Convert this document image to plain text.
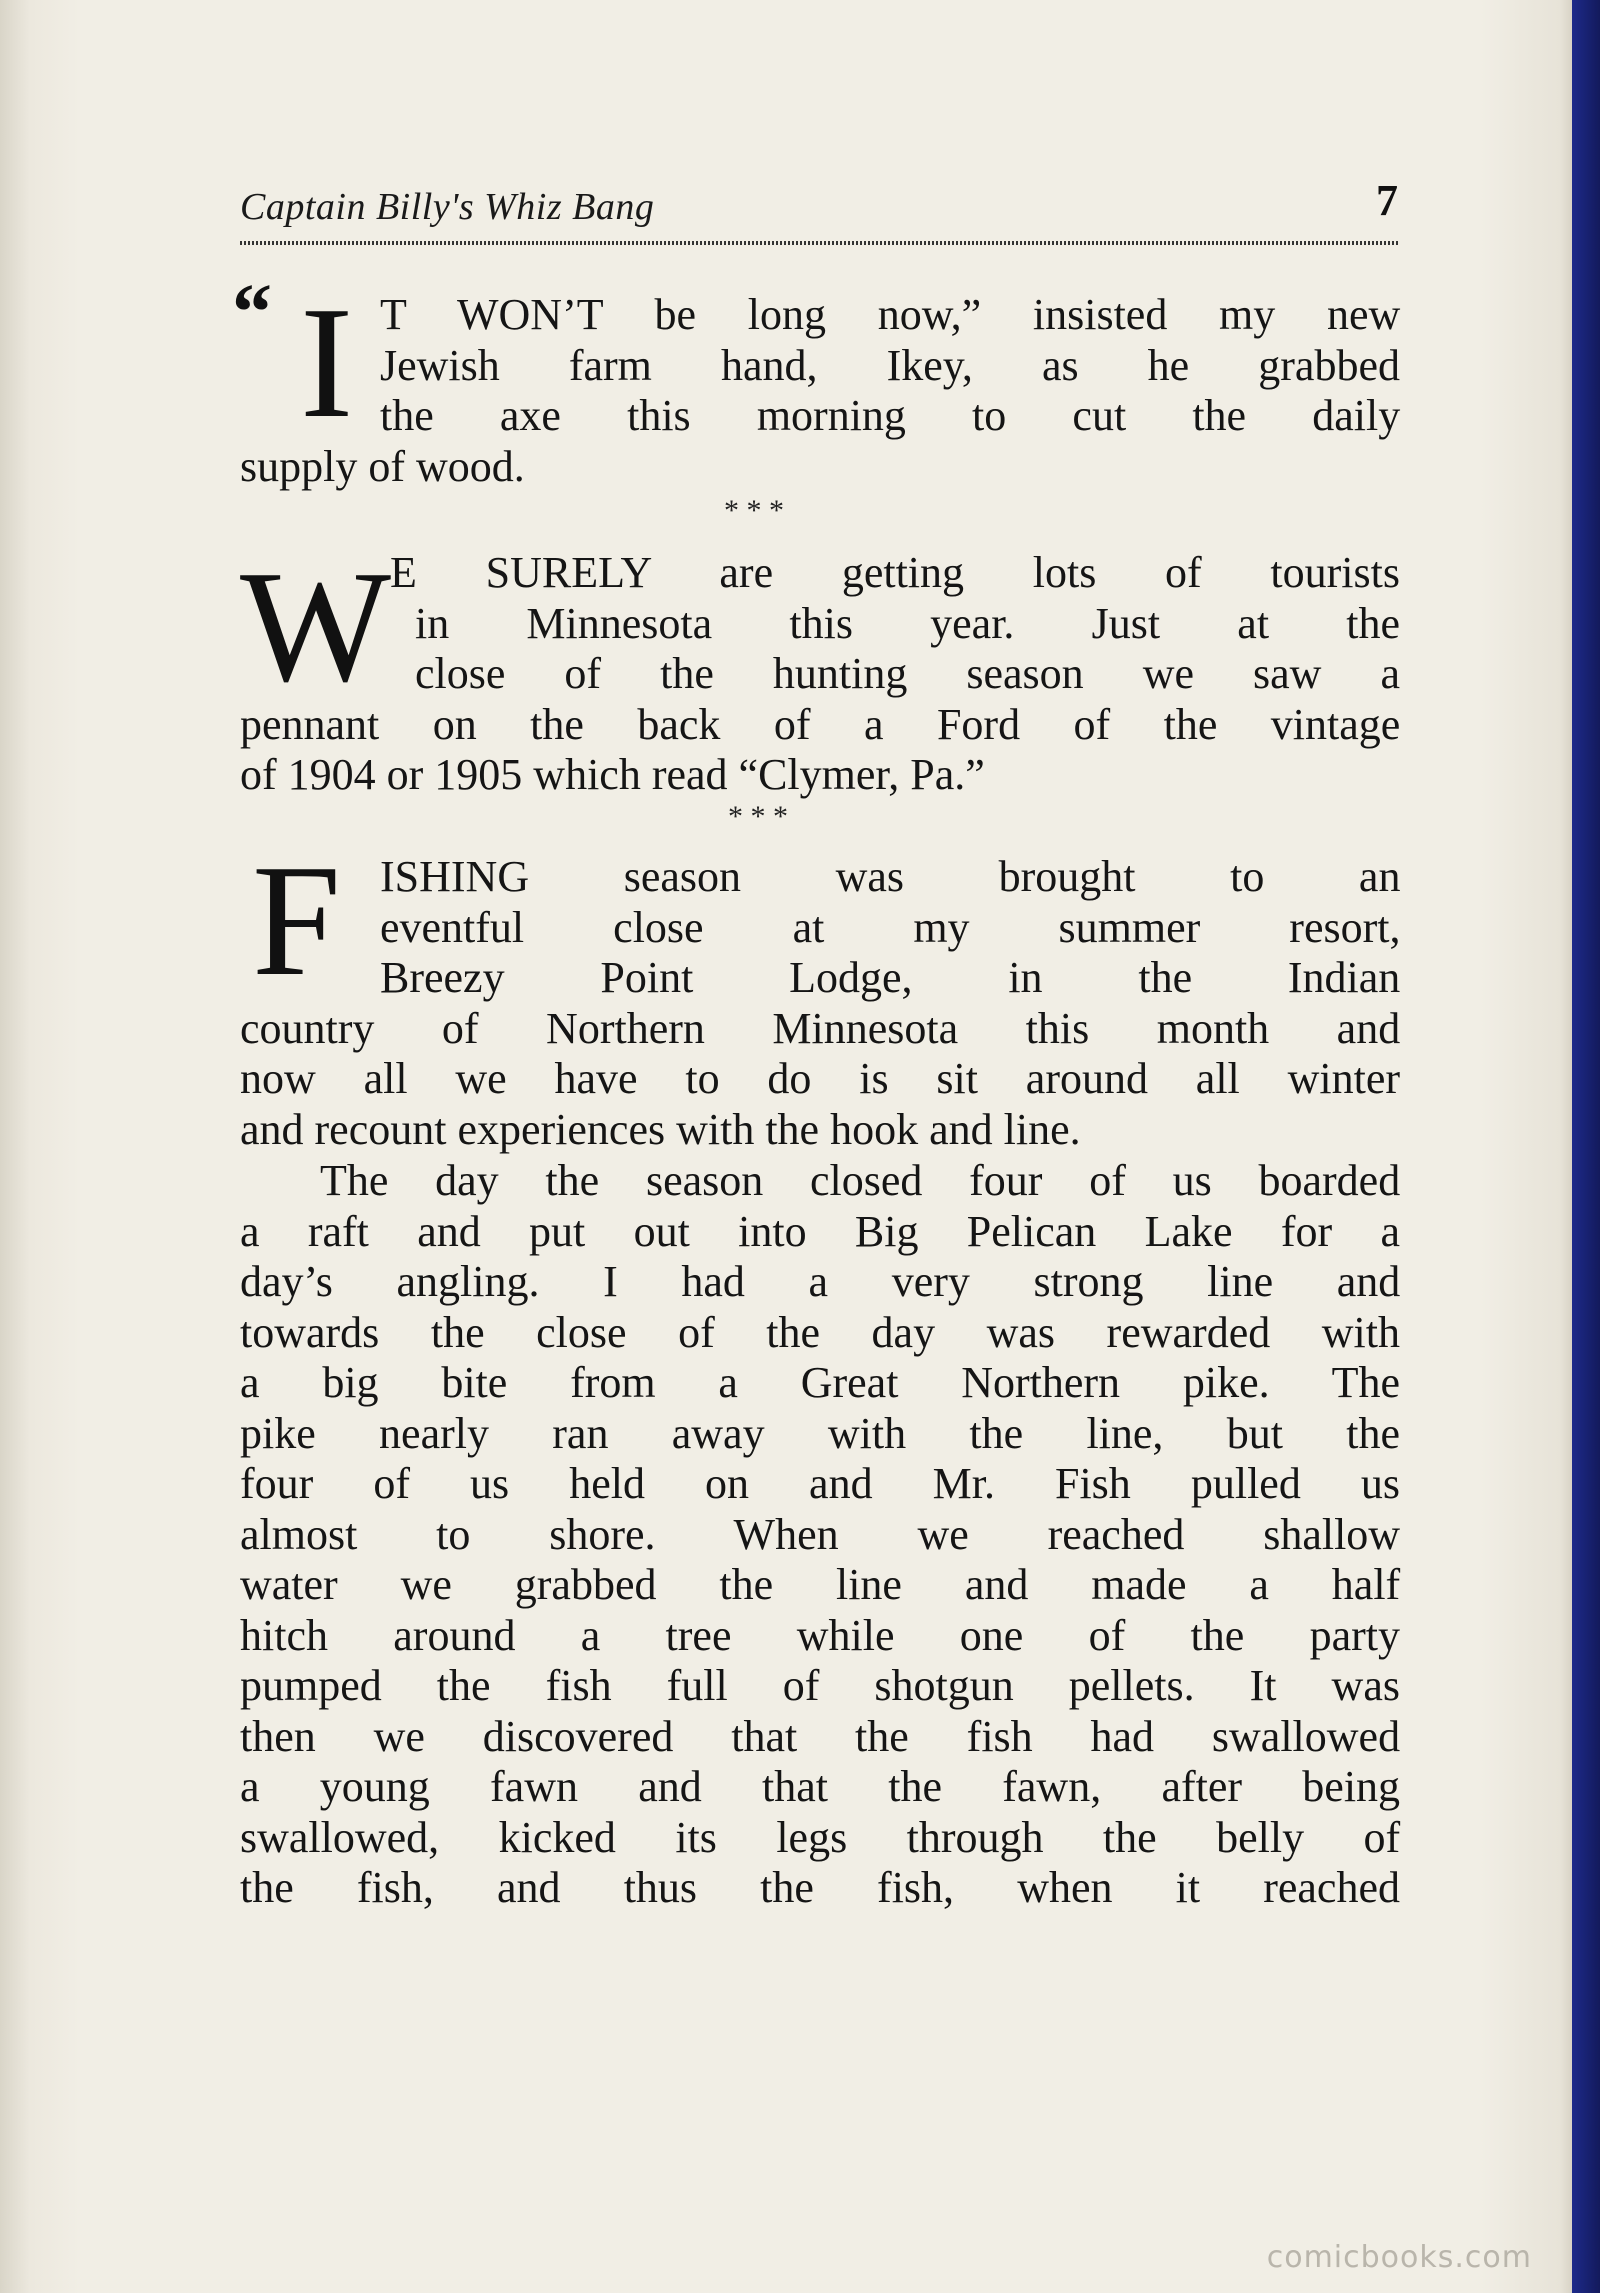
Captain Billy's Whiz Bang	7
“ I T WON’T be long now,” insisted my new
Jewish farm hand, Ikey, as he grabbed
the axe this morning to cut the daily
supply of wood.
* * *
W
E SURELY are getting lots of tourists
in Minnesota this year. Just at the
close of the hunting season we saw a
pennant on the back of a Ford of the vintage
of 1904 or 1905 which read “Clymer, Pa.”
* * *
F ISHING season was brought to an
eventful close at my summer resort,
Breezy Point Lodge, in the Indian
country of Northern Minnesota this month and
now all we have to do is sit around all winter
and recount experiences with the hook and line.
The day the season closed four of us boarded
a raft and put out into Big Pelican Lake for a
day’s angling. I had a very strong line and
towards the close of the day was rewarded with
a big bite from a Great Northern pike. The
pike nearly ran away with the line, but the
four of us held on and Mr. Fish pulled us
almost to shore. When we reached shallow
water we grabbed the line and made a half
hitch around a tree while one of the party
pumped the fish full of shotgun pellets. It was
then we discovered that the fish had swallowed
a young fawn and that the fawn, after being
swallowed, kicked its legs through the belly of
the fish, and thus the fish, when it reached
comicbooks.com
